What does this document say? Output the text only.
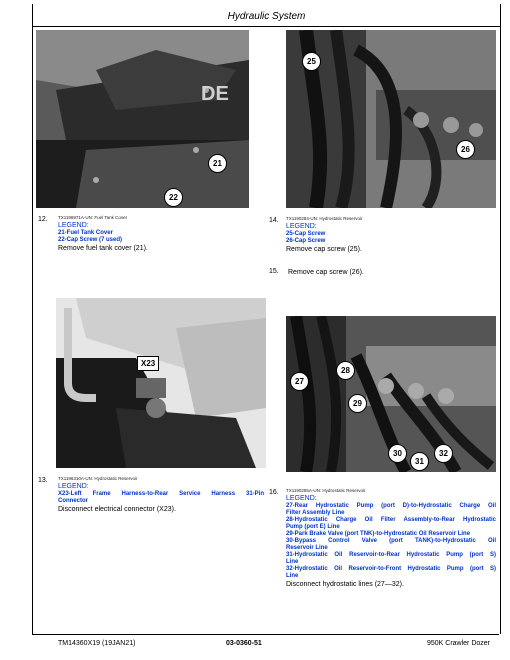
Hydraulic System
DE
21
22
25
26
12. TX1196971A-UN: Fuel Tank Cover
LEGEND:
21-Fuel Tank Cover
22-Cap Screw (7 used)
Remove fuel tank cover (21).
14. TX1190284-UN: Hydrostatic Reservoir
LEGEND:
25-Cap Screw
26-Cap Screw
Remove cap screw (25).
15. Remove cap screw (26).
X23
27
28
29
30
31
32
13. TX1196310A-UN: Hydrostatic Reservoir
LEGEND:
X23-Left Frame Harness-to-Rear Service Harness 31-Pin
Connector
Disconnect electrical connector (X23).
16. TX1190285A-UN: Hydrostatic Reservoir
LEGEND:
27-Rear Hydrostatic Pump (port D)-to-Hydrostatic Charge Oil
Filter Assembly Line
28-Hydrostatic Charge Oil Filter Assembly-to-Rear Hydrostatic
Pump (port E) Line
29-Park Brake Valve (port TNK)-to-Hydrostatic Oil Reservoir Line
30-Bypass Control Valve (port TANK)-to-Hydrostatic Oil
Reservoir Line
31-Hydrostatic Oil Reservoir-to-Rear Hydrostatic Pump (port S)
Line
32-Hydrostatic Oil Reservoir-to-Front Hydrostatic Pump (port S)
Line
Disconnect hydrostatic lines (27—32).
TM14360X19 (19JAN21)	03-0360-51	950K Crawler Dozer
